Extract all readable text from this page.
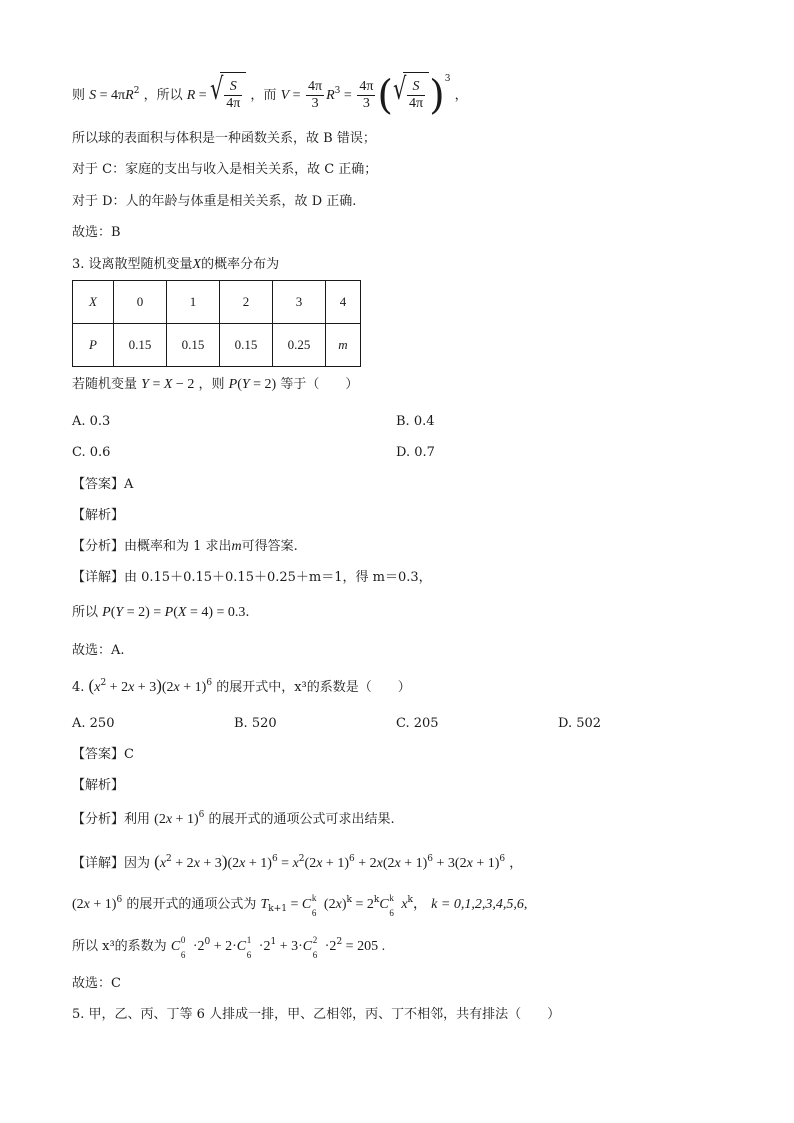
则 $S = 4\pi R^2$ ，所以 R = √ $\frac{S}{4\pi}$ ，而 $V = \frac{4\pi}{3} R^3 = \frac{4\pi}{3}$ ( √ $\frac{S}{4\pi} )^3$ ，
所以球的表面积与体积是一种函数关系，故 B 错误；
对于 C：家庭的支出与收入是相关关系，故 C 正确；
对于 D：人的年龄与体重是相关关系，故 D 正确.
故选：B
3. 设离散型随机变量X的概率分布为
X	0	1	2	3	4
P	0.15	0.15	0.15	0.25	m
若随机变量 Y = X − 2 ，则 P(Y = 2) 等于（　　）
A. 0.3	B. 0.4
C. 0.6	D. 0.7
【答案】A
【解析】
【分析】由概率和为 1 求出m可得答案.
【详解】由 0.15＋0.15＋0.15＋0.25＋m＝1，得 m＝0.3，
所以 P(Y = 2) = P(X = 4) = 0.3.
故选：A.
4. $(x^2 + 2x + 3)(2x + 1)^6$ 的展开式中，x³的系数是（　　）
A. 250	B. 520	C. 205	D. 502
【答案】C
【解析】
【分析】利用 $(2x + 1)^6$ 的展开式的通项公式可求出结果.
【详解】因为 $(x^2 + 2x + 3)(2x + 1)^6 = x^2(2x + 1)^6 + 2x(2x + 1)^6 + 3(2x + 1)^6$ ，
$(2x + 1)^6$ 的展开式的通项公式为 $T_{k+1} = C$ k
6
$(2x)^k = 2^kC$ k
6
$x^k$， k = 0,1,2,3,4,5,6,
所以 x³的系数为 C 0
6
$\cdot 2^0 + 2\cdot C$ 1
6
$\cdot 2^1 + 3\cdot C$ 2
6
$\cdot 2^2 = 205$ .
故选：C
5. 甲，乙、丙、丁等 6 人排成一排，甲、乙相邻，丙、丁不相邻，共有排法（　　）
